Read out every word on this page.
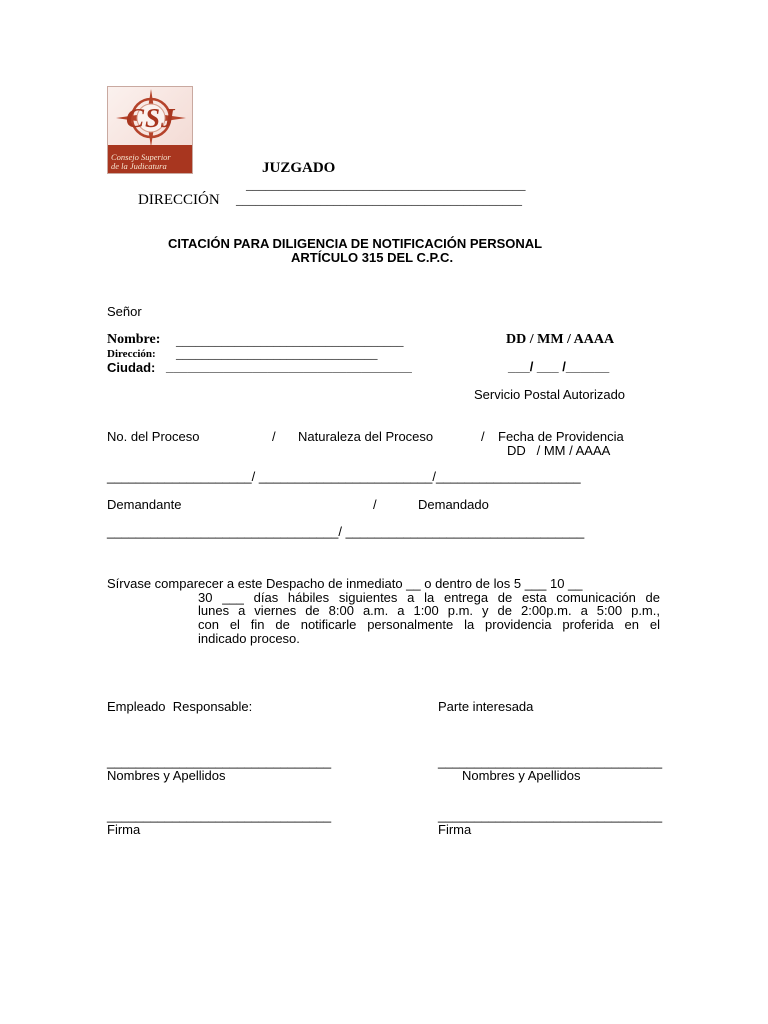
CSJ
Consejo Superior
de la Judicatura	JUZGADO
___________________________________________
DIRECCIÓN ____________________________________________
CITACIÓN PARA DILIGENCIA DE NOTIFICACIÓN PERSONAL
ARTÍCULO 315 DEL C.P.C.
Señor
Nombre: ___________________________________	DD / MM / AAAA
Dirección: _______________________________
Ciudad: __________________________________	___/ ___ /______
Servicio Postal Autorizado
No. del Proceso	/ Naturaleza del Proceso	/ Fecha de Providencia
DD   / MM / AAAA
____________________/ ________________________/____________________
Demandante	/	Demandado
________________________________/ _________________________________
Sírvase comparecer a este Despacho de inmediato __ o dentro de los 5 ___ 10 __
30 ___ días hábiles siguientes a la entrega de esta comunicación de
lunes a viernes de 8:00 a.m. a 1:00 p.m. y de 2:00p.m. a 5:00 p.m.,
con el fin de notificarle personalmente la providencia proferida en el
indicado proceso.
Empleado  Responsable:	Parte interesada
_______________________________	_______________________________
Nombres y Apellidos	Nombres y Apellidos
_______________________________	_______________________________
Firma	Firma
